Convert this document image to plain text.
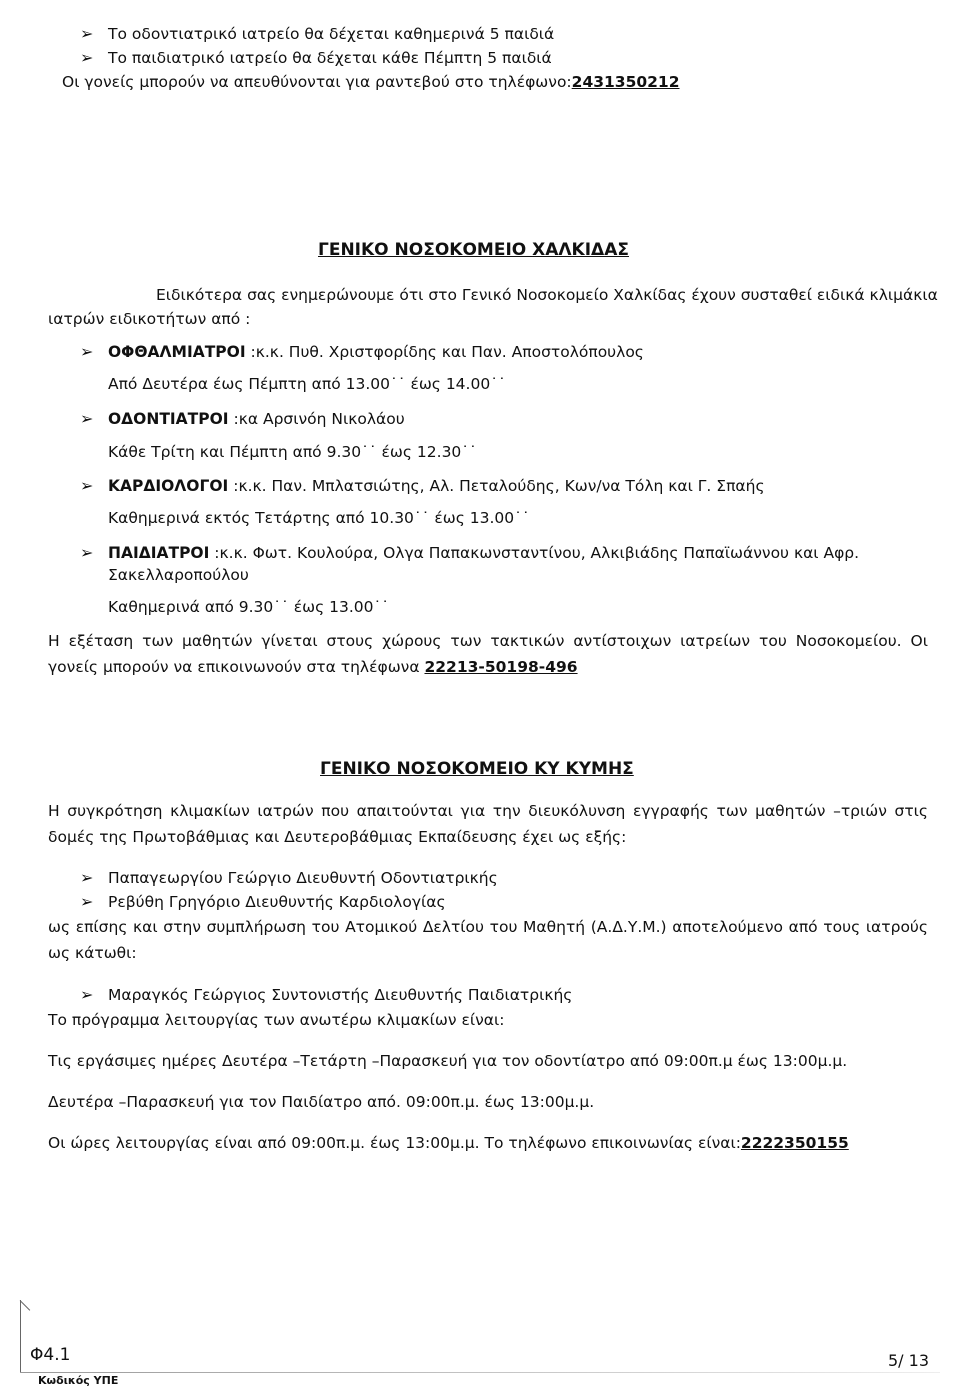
➢ Το οδοντιατρικό ιατρείο θα δέχεται καθημερινά 5 παιδιά
➢ Το παιδιατρικό ιατρείο θα δέχεται κάθε Πέμπτη 5 παιδιά
Οι γονείς μπορούν να απευθύνονται για ραντεβού στο τηλέφωνο:2431350212
ΓΕΝΙΚΟ ΝΟΣΟΚΟΜΕΙΟ ΧΑΛΚΙΔΑΣ
Ειδικότερα σας ενημερώνουμε ότι στο Γενικό Νοσοκομείο Χαλκίδας έχουν συσταθεί ειδικά κλιμάκια
ιατρών ειδικοτήτων από :
➢ ΟΦΘΑΛΜΙΑΤΡΟΙ :κ.κ. Πυθ. Χριστφορίδης και Παν. Αποστολόπουλος
Από Δευτέρα έως Πέμπτη από 13.00˙˙ έως 14.00˙˙
➢ ΟΔΟΝΤΙΑΤΡΟΙ :κα Αρσινόη Νικολάου
Κάθε Τρίτη και Πέμπτη από 9.30˙˙ έως 12.30˙˙
➢ ΚΑΡΔΙΟΛΟΓΟΙ :κ.κ. Παν. Μπλατσιώτης, Αλ. Πεταλούδης, Κων/να Τόλη και Γ. Σπαής
Καθημερινά εκτός Τετάρτης από 10.30˙˙ έως 13.00˙˙
➢ ΠΑΙΔΙΑΤΡΟΙ :κ.κ. Φωτ. Κουλούρα, Ολγα Παπακωνσταντίνου, Αλκιβιάδης Παπαϊωάννου και Αφρ.
Σακελλαροπούλου
Καθημερινά από 9.30˙˙ έως 13.00˙˙
Η εξέταση των μαθητών γίνεται στους χώρους των τακτικών αντίστοιχων ιατρείων του Νοσοκομείου. Οι γονείς μπορούν να επικοινωνούν στα τηλέφωνα 22213-50198-496
ΓΕΝΙΚΟ ΝΟΣΟΚΟΜΕΙΟ ΚΥ ΚΥΜΗΣ
Η συγκρότηση κλιμακίων ιατρών που απαιτούνται για την διευκόλυνση εγγραφής των μαθητών –τριών στις δομές της Πρωτοβάθμιας και Δευτεροβάθμιας Εκπαίδευσης έχει ως εξής:
➢ Παπαγεωργίου Γεώργιο Διευθυντή Οδοντιατρικής
➢ Ρεβύθη Γρηγόριο Διευθυντής Καρδιολογίας
ως επίσης και στην συμπλήρωση του Ατομικού Δελτίου του Μαθητή (Α.Δ.Υ.Μ.) αποτελούμενο από τους ιατρούς ως κάτωθι:
➢ Μαραγκός Γεώργιος Συντονιστής Διευθυντής Παιδιατρικής
Το πρόγραμμα λειτουργίας των ανωτέρω κλιμακίων είναι:
Τις εργάσιμες ημέρες Δευτέρα –Τετάρτη –Παρασκευή για τον οδοντίατρο από 09:00π.μ έως 13:00μ.μ.
Δευτέρα –Παρασκευή για τον Παιδίατρο από. 09:00π.μ. έως 13:00μ.μ.
Οι ώρες λειτουργίας είναι από 09:00π.μ. έως 13:00μ.μ. Το τηλέφωνο επικοινωνίας είναι:2222350155
Φ4.1
Κωδικός ΥΠΕ
5/ 13
